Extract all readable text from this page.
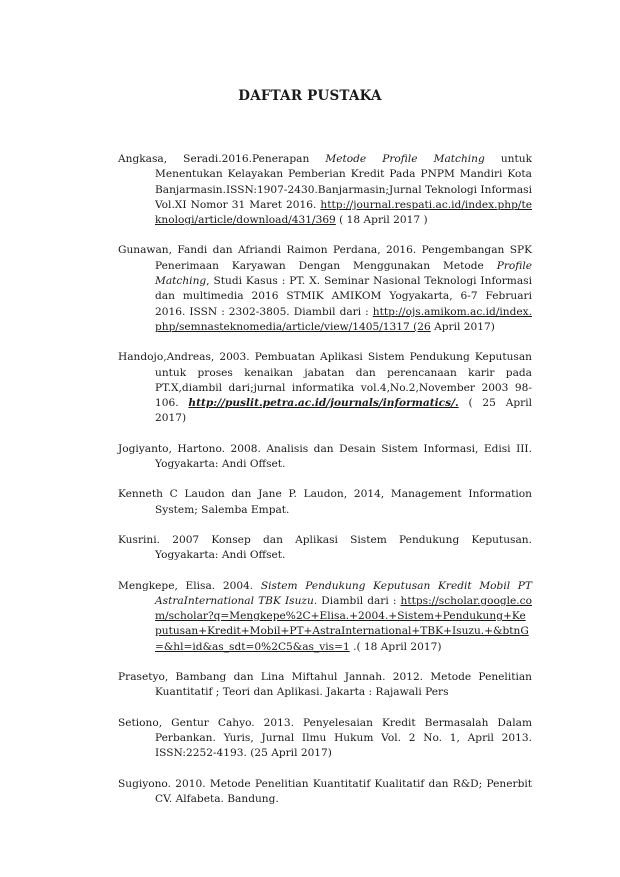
DAFTAR PUSTAKA

Angkasa, Seradi.2016.Penerapan Metode Profile Matching untuk Menentukan Kelayakan Pemberian Kredit Pada PNPM Mandiri Kota Banjarmasin.ISSN:1907-2430.Banjarmasin;Jurnal Teknologi Informasi Vol.XI Nomor 31 Maret 2016. http://journal.respati.ac.id/index.php/teknologi/article/download/431/369 ( 18 April 2017 )

Gunawan, Fandi dan Afriandi Raimon Perdana, 2016. Pengembangan SPK Penerimaan Karyawan Dengan Menggunakan Metode Profile Matching, Studi Kasus : PT. X. Seminar Nasional Teknologi Informasi dan multimedia 2016 STMIK AMIKOM Yogyakarta, 6-7 Februari 2016. ISSN : 2302-3805. Diambil dari : http://ojs.amikom.ac.id/index.php/semnasteknomedia/article/view/1405/1317 (26 April 2017)

Handojo,Andreas, 2003. Pembuatan Aplikasi Sistem Pendukung Keputusan untuk proses kenaikan jabatan dan perencanaan karir pada PT.X,diambil dari;jurnal informatika vol.4,No.2,November 2003 98-106. http://puslit.petra.ac.id/journals/informatics/. ( 25 April 2017)

Jogiyanto, Hartono. 2008. Analisis dan Desain Sistem Informasi, Edisi III. Yogyakarta: Andi Offset.

Kenneth C Laudon dan Jane P. Laudon, 2014, Management Information System; Salemba Empat.

Kusrini. 2007 Konsep dan Aplikasi Sistem Pendukung Keputusan. Yogyakarta: Andi Offset.

Mengkepe, Elisa. 2004. Sistem Pendukung Keputusan Kredit Mobil PT AstraInternational TBK Isuzu. Diambil dari : https://scholar.google.com/scholar?q=Mengkepe%2C+Elisa.+2004.+Sistem+Pendukung+Keputusan+Kredit+Mobil+PT+AstraInternational+TBK+Isuzu.+&btnG=&hl=id&as_sdt=0%2C5&as_vis=1 .( 18 April 2017)

Prasetyo, Bambang dan Lina Miftahul Jannah. 2012. Metode Penelitian Kuantitatif ; Teori dan Aplikasi. Jakarta : Rajawali Pers

Setiono, Gentur Cahyo. 2013. Penyelesaian Kredit Bermasalah Dalam Perbankan. Yuris, Jurnal Ilmu Hukum Vol. 2 No. 1, April 2013. ISSN:2252-4193. (25 April 2017)

Sugiyono. 2010. Metode Penelitian Kuantitatif Kualitatif dan R&D; Penerbit CV. Alfabeta. Bandung.
